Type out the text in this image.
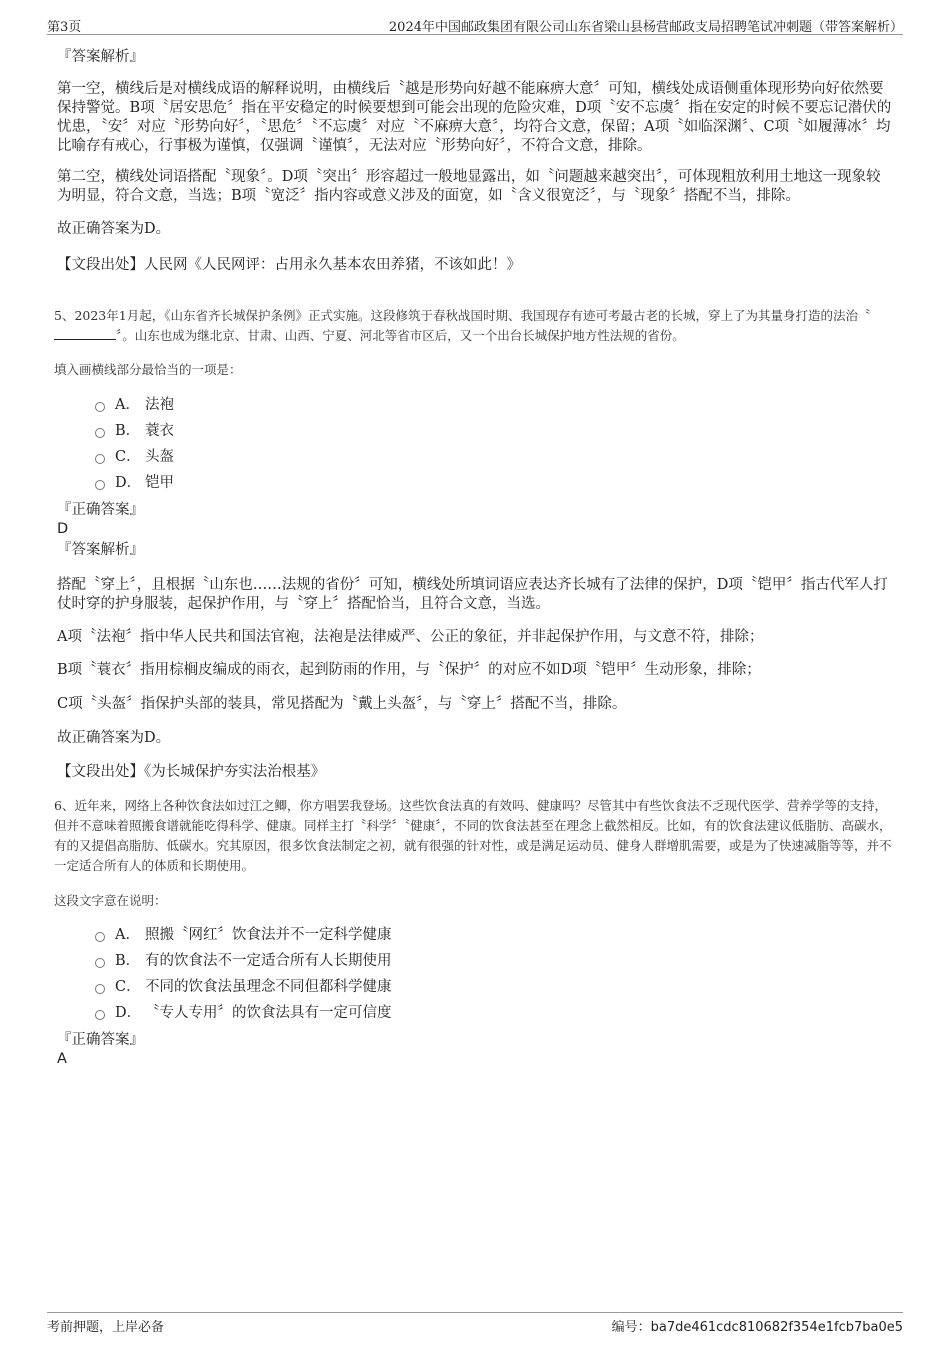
第3页	2024年中国邮政集团有限公司山东省梁山县杨营邮政支局招聘笔试冲刺题（带答案解析）
『答案解析』

第一空，横线后是对横线成语的解释说明，由横线后〝越是形势向好越不能麻痹大意〞可知，横线处成语侧重体现形势向好依然要保持警觉。B项〝居安思危〞指在平安稳定的时候要想到可能会出现的危险灾难，D项〝安不忘虞〞指在安定的时候不要忘记潜伏的忧患，〝安〞对应〝形势向好〞，〝思危〞〝不忘虞〞对应〝不麻痹大意〞，均符合文意，保留；A项〝如临深渊〞、C项〝如履薄冰〞均比喻存有戒心，行事极为谨慎，仅强调〝谨慎〞，无法对应〝形势向好〞，不符合文意，排除。

第二空，横线处词语搭配〝现象〞。D项〝突出〞形容超过一般地显露出，如〝问题越来越突出〞，可体现粗放利用土地这一现象较为明显，符合文意，当选；B项〝宽泛〞指内容或意义涉及的面宽，如〝含义很宽泛〞，与〝现象〞搭配不当，排除。

故正确答案为D。

【文段出处】人民网《人民网评：占用永久基本农田养猪，不该如此！》

5、2023年1月起，《山东省齐长城保护条例》正式实施。这段修筑于春秋战国时期、我国现存有迹可考最古老的长城，穿上了为其量身打造的法治〝〞。山东也成为继北京、甘肃、山西、宁夏、河北等省市区后，又一个出台长城保护地方性法规的省份。

填入画横线部分最恰当的一项是：

A． 法袍
B． 蓑衣
C． 头盔
D． 铠甲
『正确答案』
D
『答案解析』

搭配〝穿上〞，且根据〝山东也……法规的省份〞可知，横线处所填词语应表达齐长城有了法律的保护，D项〝铠甲〞指古代军人打仗时穿的护身服装，起保护作用，与〝穿上〞搭配恰当，且符合文意，当选。

A项〝法袍〞指中华人民共和国法官袍，法袍是法律威严、公正的象征，并非起保护作用，与文意不符，排除；

B项〝蓑衣〞指用棕榈皮编成的雨衣，起到防雨的作用，与〝保护〞的对应不如D项〝铠甲〞生动形象，排除；

C项〝头盔〞指保护头部的装具，常见搭配为〝戴上头盔〞，与〝穿上〞搭配不当，排除。

故正确答案为D。

【文段出处】《为长城保护夯实法治根基》

6、近年来，网络上各种饮食法如过江之鲫，你方唱罢我登场。这些饮食法真的有效吗、健康吗？尽管其中有些饮食法不乏现代医学、营养学等的支持，但并不意味着照搬食谱就能吃得科学、健康。同样主打〝科学〞〝健康〞，不同的饮食法甚至在理念上截然相反。比如，有的饮食法建议低脂肪、高碳水，有的又提倡高脂肪、低碳水。究其原因，很多饮食法制定之初，就有很强的针对性，或是满足运动员、健身人群增肌需要，或是为了快速减脂等等，并不一定适合所有人的体质和长期使用。

这段文字意在说明：

A． 照搬〝网红〞饮食法并不一定科学健康
B． 有的饮食法不一定适合所有人长期使用
C． 不同的饮食法虽理念不同但都科学健康
D． 〝专人专用〞的饮食法具有一定可信度
『正确答案』
A
考前押题，上岸必备	编号：ba7de461cdc810682f354e1fcb7ba0e5
